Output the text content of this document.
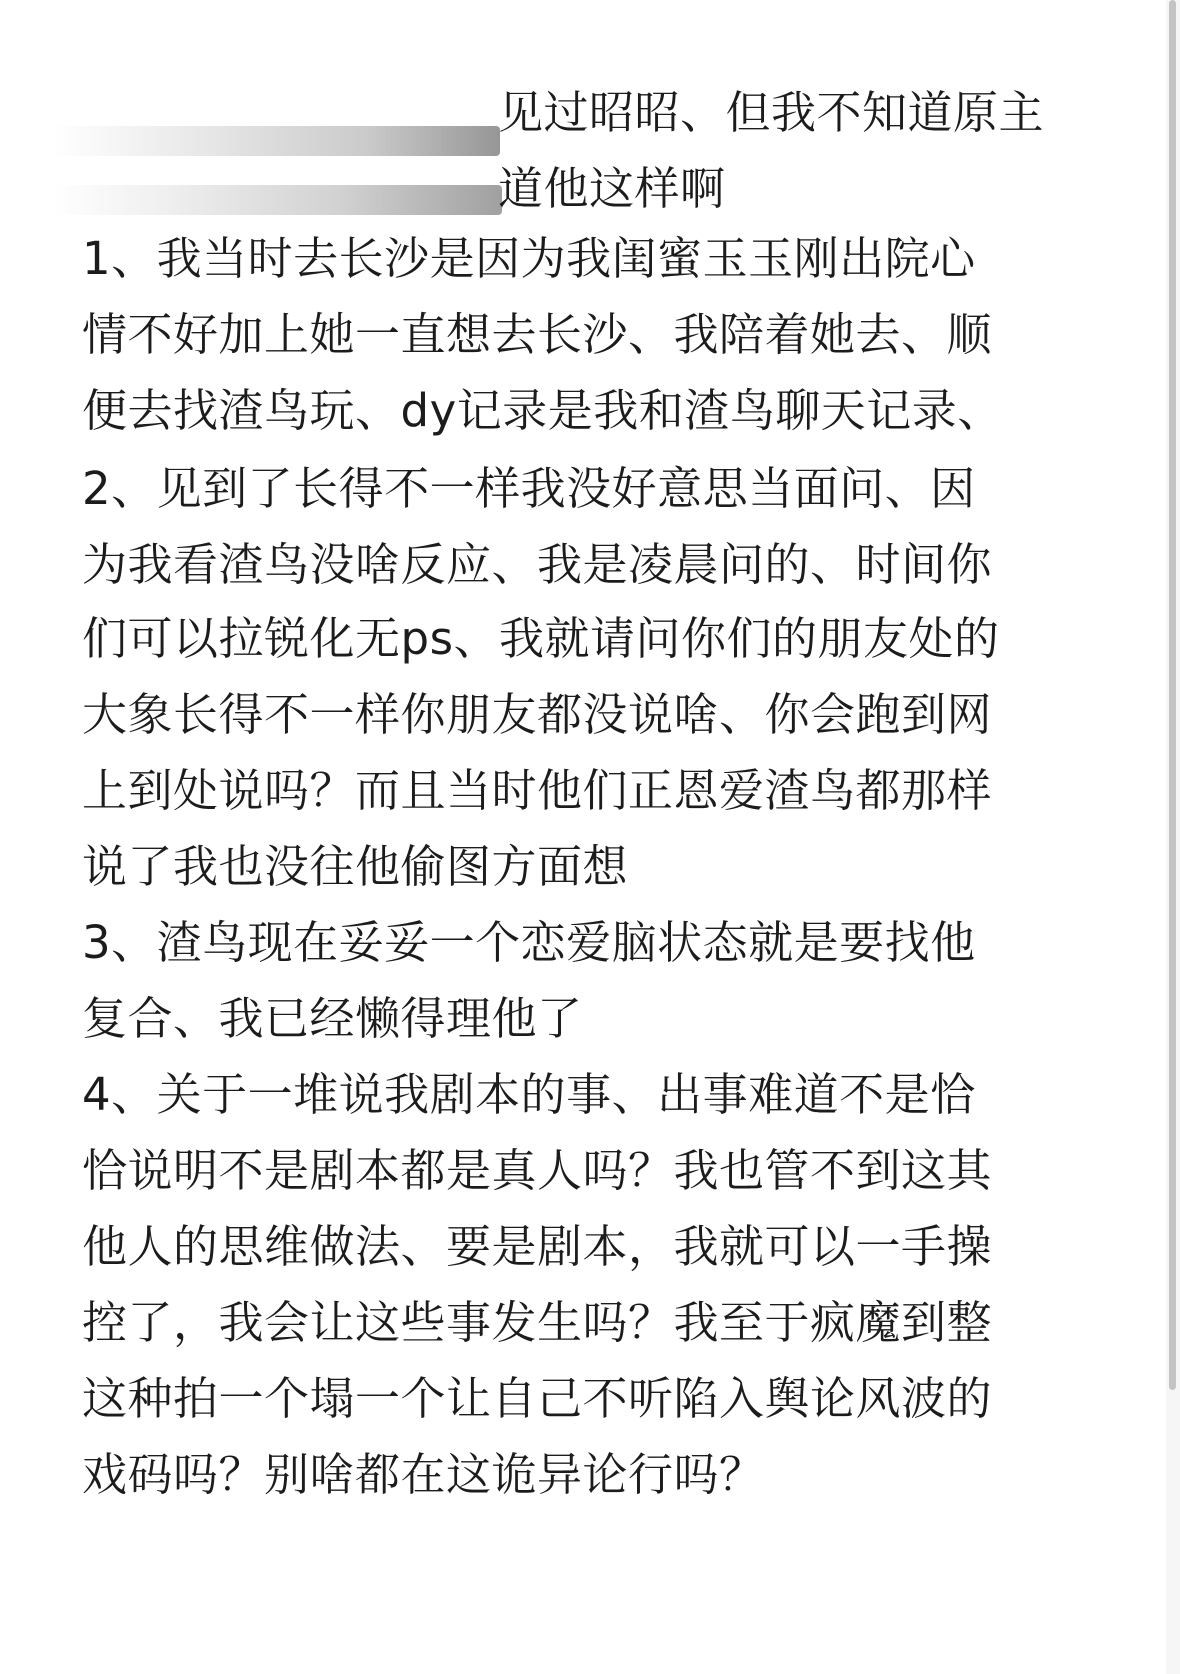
见过昭昭、但我不知道原主

道他这样啊

1、我当时去长沙是因为我闺蜜玉玉刚出院心

情不好加上她一直想去长沙、我陪着她去、顺

便去找渣鸟玩、dy记录是我和渣鸟聊天记录、

2、见到了长得不一样我没好意思当面问、因

为我看渣鸟没啥反应、我是凌晨问的、时间你

们可以拉锐化无ps、我就请问你们的朋友处的

大象长得不一样你朋友都没说啥、你会跑到网

上到处说吗？而且当时他们正恩爱渣鸟都那样

说了我也没往他偷图方面想

3、渣鸟现在妥妥一个恋爱脑状态就是要找他

复合、我已经懒得理他了

4、关于一堆说我剧本的事、出事难道不是恰

恰说明不是剧本都是真人吗？我也管不到这其

他人的思维做法、要是剧本，我就可以一手操

控了，我会让这些事发生吗？我至于疯魔到整

这种拍一个塌一个让自己不听陷入舆论风波的

戏码吗？别啥都在这诡异论行吗？
